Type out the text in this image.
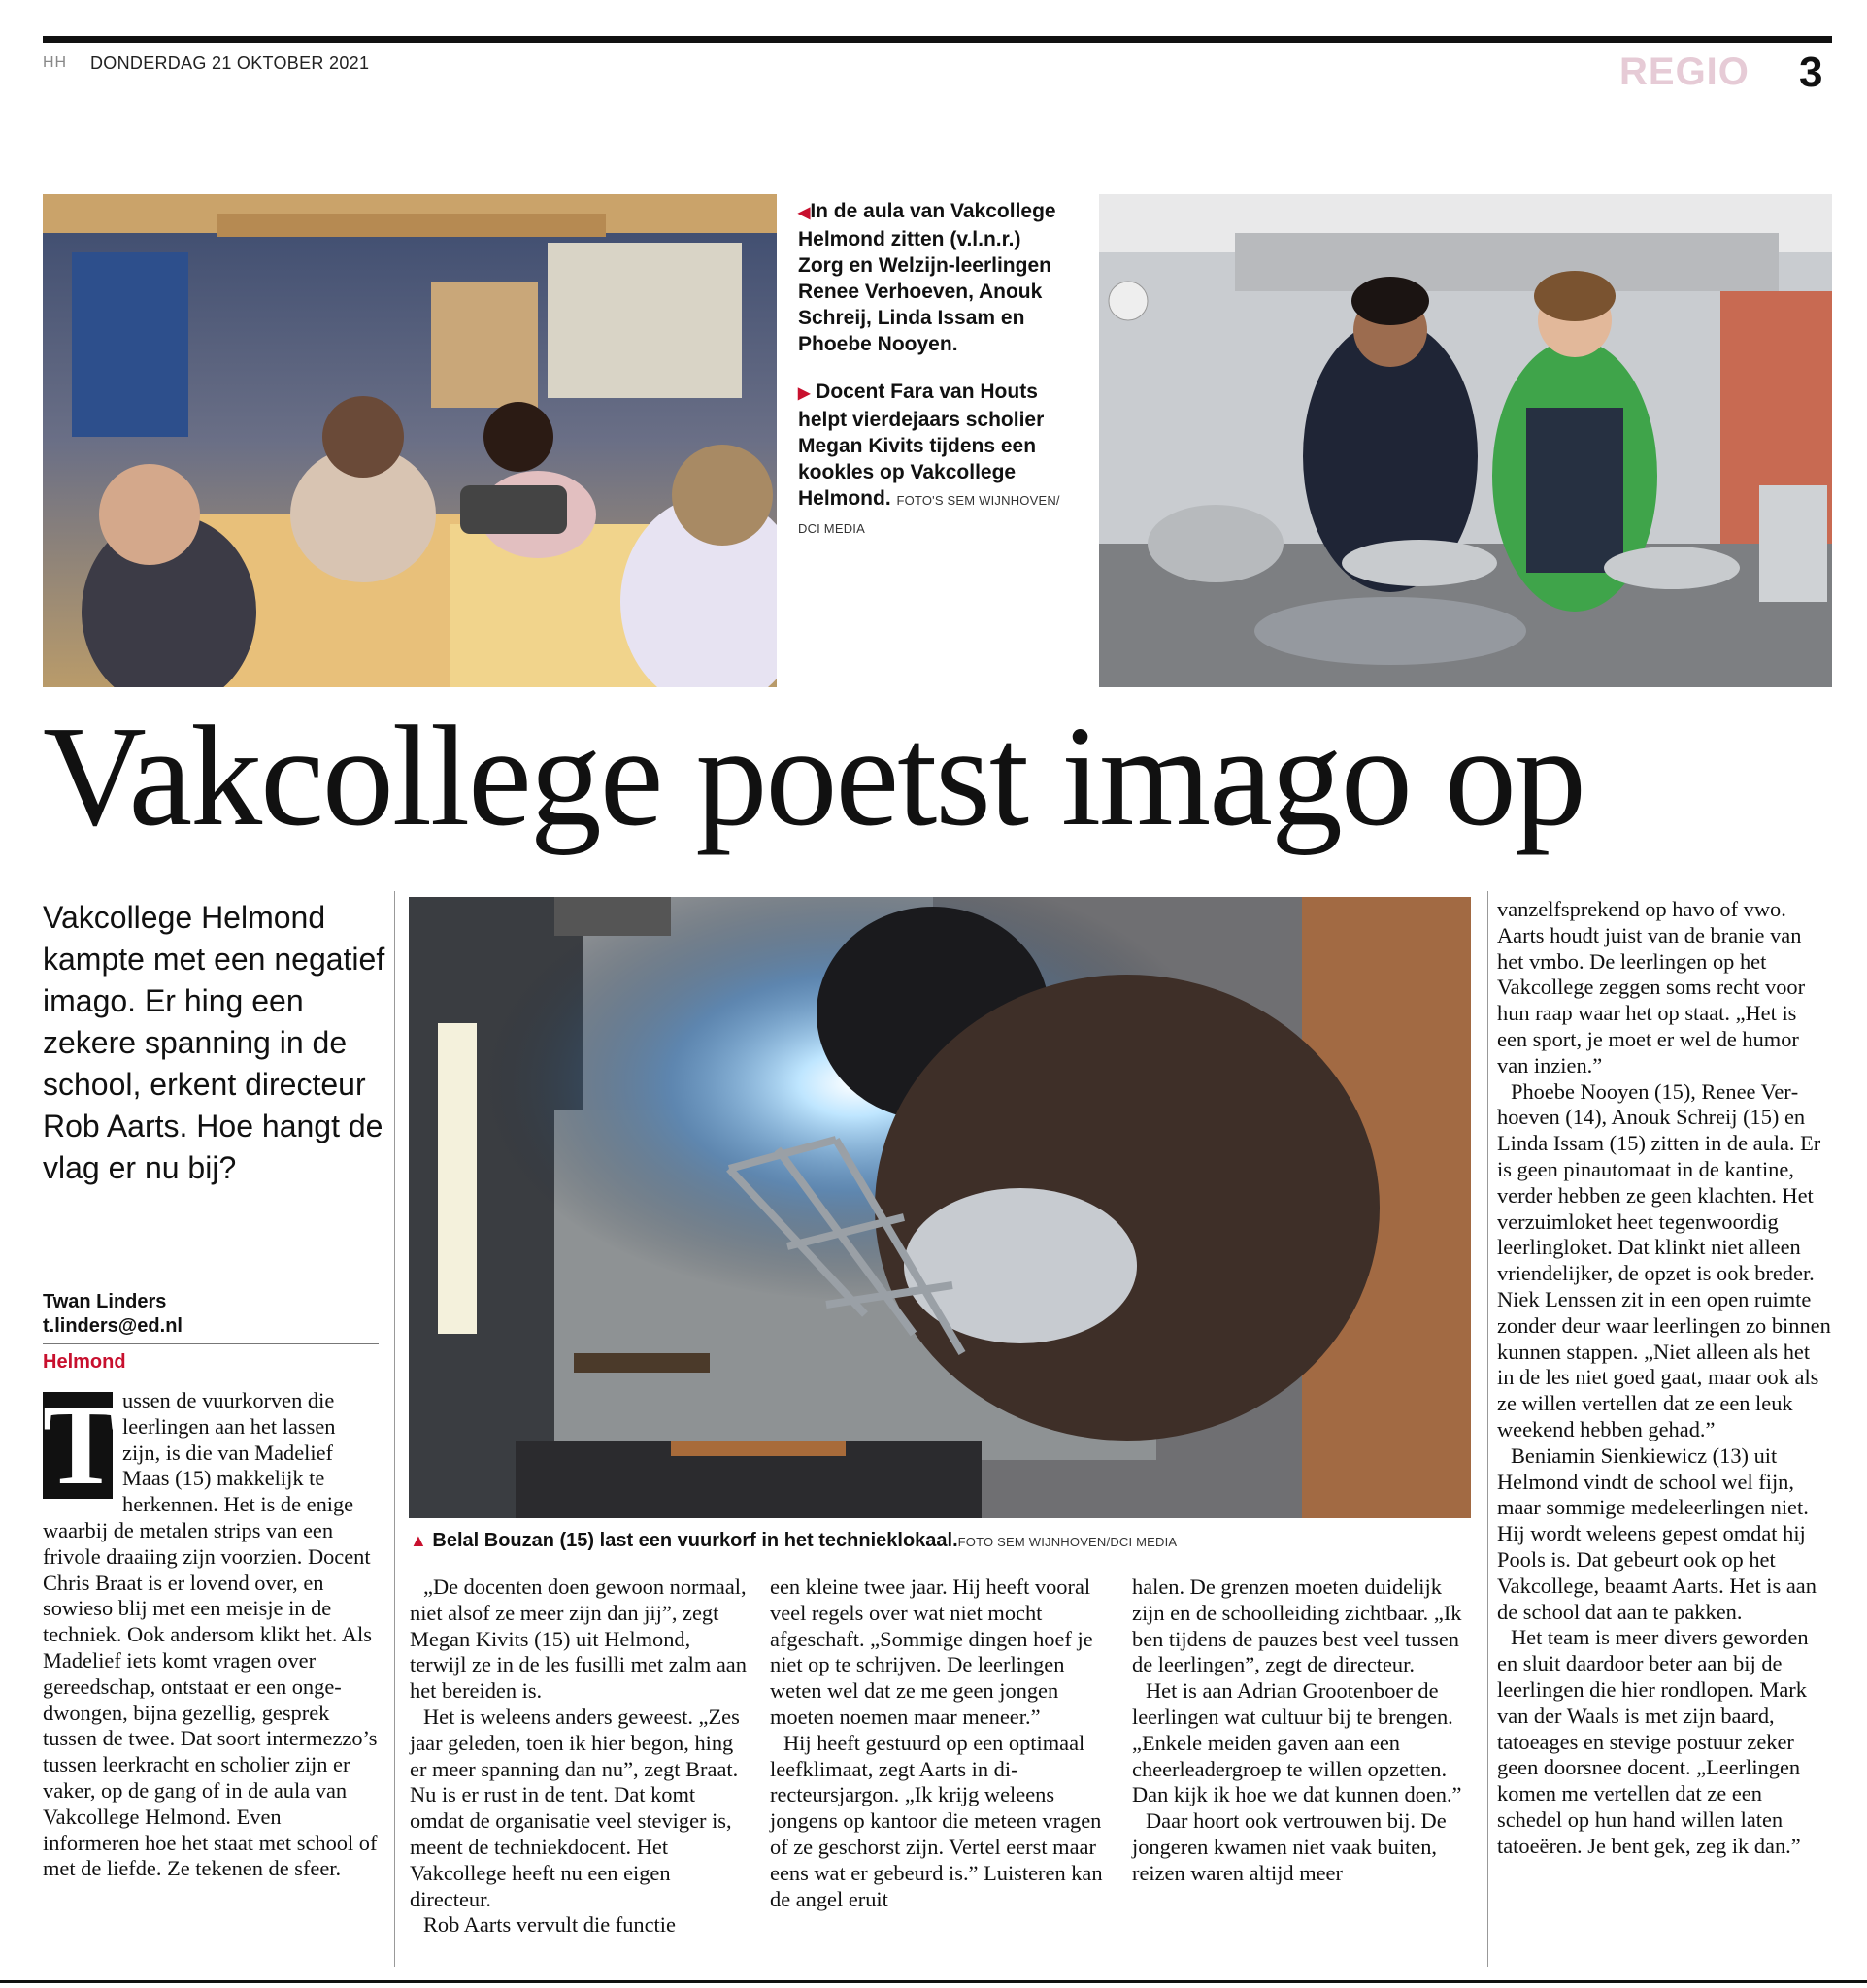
HH DONDERDAG 21 OKTOBER 2021	REGIO 3

◀In de aula van Vakcollege Helmond zitten (v.l.n.r.) Zorg en Welzijn-leerlingen Renee Verhoeven, Anouk Schreij, Linda Issam en Phoebe Nooyen.

▶ Docent Fara van Houts helpt vierdejaars scholier Megan Kivits tijdens een kookles op Vakcollege Helmond. FOTO'S SEM WIJNHOVEN/ DCI MEDIA

Vakcollege poetst imago op
Vakcollege Helmond kampte met een negatief imago. Er hing een zekere spanning in de school, erkent directeur Rob Aarts. Hoe hangt de vlag er nu bij?
Twan Linders
t.linders@ed.nl
Helmond
▲ Belal Bouzan (15) last een vuurkorf in het technieklokaal.FOTO SEM WIJNHOVEN/DCI MEDIA
T ussen de vuurkorven die leerlingen aan het lassen zijn, is die van Madelief Maas (15) makkelijk te herkennen. Het is de enige waarbij de metalen strips van een frivole draaiing zijn voorzien. Docent Chris Braat is er lovend over, en sowieso blij met een meisje in de techniek. Ook andersom klikt het. Als Madelief iets komt vragen over gereedschap, ontstaat er een ongedwongen, bijna gezellig, gesprek tussen de twee. Dat soort intermezzo’s tussen leerkracht en scholier zijn er vaker, op de gang of in de aula van Vakcollege Helmond. Even informeren hoe het staat met school of met de liefde. Ze tekenen de sfeer.

„De docenten doen gewoon normaal, niet alsof ze meer zijn dan jij”, zegt Megan Kivits (15) uit Helmond, terwijl ze in de les fusilli met zalm aan het bereiden is.

Het is weleens anders geweest. „Zes jaar geleden, toen ik hier begon, hing er meer spanning dan nu”, zegt Braat. Nu is er rust in de tent. Dat komt omdat de organisatie veel steviger is, meent de techniekdocent. Het Vakcollege heeft nu een eigen directeur.

Rob Aarts vervult die functie

een kleine twee jaar. Hij heeft vooral veel regels over wat niet mocht afgeschaft. „Sommige dingen hoef je niet op te schrijven. De leerlingen weten wel dat ze me geen jongen moeten noemen maar meneer.”

Hij heeft gestuurd op een optimaal leefklimaat, zegt Aarts in directeursjargon. „Ik krijg weleens jongens op kantoor die meteen vragen of ze geschorst zijn. Vertel eerst maar eens wat er gebeurd is.” Luisteren kan de angel eruit

halen. De grenzen moeten duidelijk zijn en de schoolleiding zichtbaar. „Ik ben tijdens de pauzes best veel tussen de leerlingen”, zegt de directeur.

Het is aan Adrian Grootenboer de leerlingen wat cultuur bij te brengen. „Enkele meiden gaven aan een cheerleadergroep te willen opzetten. Dan kijk ik hoe we dat kunnen doen.”

Daar hoort ook vertrouwen bij. De jongeren kwamen niet vaak buiten, reizen waren altijd meer

vanzelfsprekend op havo of vwo. Aarts houdt juist van de branie van het vmbo. De leerlingen op het Vakcollege zeggen soms recht voor hun raap waar het op staat. „Het is een sport, je moet er wel de humor van inzien.”

Phoebe Nooyen (15), Renee Verhoeven (14), Anouk Schreij (15) en Linda Issam (15) zitten in de aula. Er is geen pinautomaat in de kantine, verder hebben ze geen klachten. Het verzuimloket heet tegenwoordig leerlingloket. Dat klinkt niet alleen vriendelijker, de opzet is ook breder. Niek Lenssen zit in een open ruimte zonder deur waar leerlingen zo binnen kunnen stappen. „Niet alleen als het in de les niet goed gaat, maar ook als ze willen vertellen dat ze een leuk weekend hebben gehad.”

Beniamin Sienkiewicz (13) uit Helmond vindt de school wel fijn, maar sommige medeleerlingen niet. Hij wordt weleens gepest omdat hij Pools is. Dat gebeurt ook op het Vakcollege, beaamt Aarts. Het is aan de school dat aan te pakken.

Het team is meer divers geworden en sluit daardoor beter aan bij de leerlingen die hier rondlopen. Mark van der Waals is met zijn baard, tatoeages en stevige postuur zeker geen doorsnee docent. „Leerlingen komen me vertellen dat ze een schedel op hun hand willen laten tatoeëren. Je bent gek, zeg ik dan.”
